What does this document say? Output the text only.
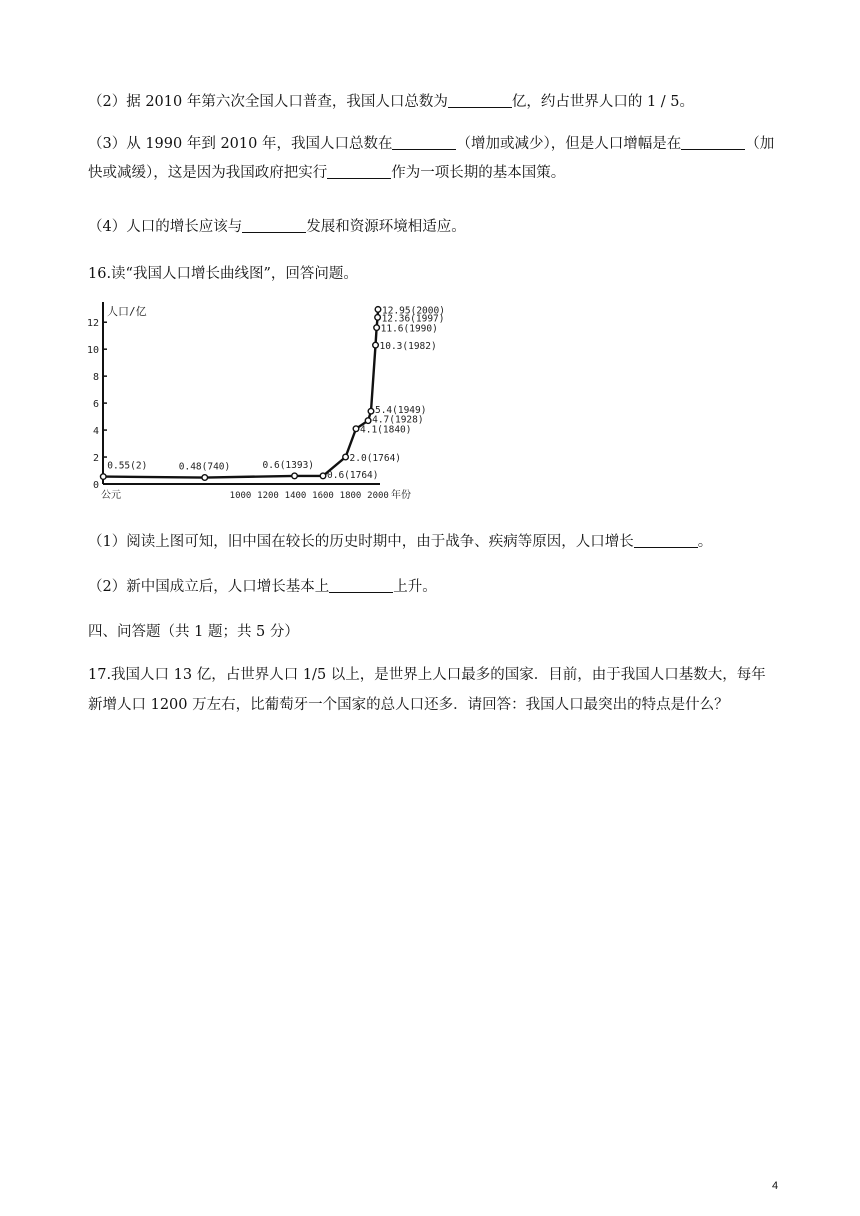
（2）据 2010 年第六次全国人口普查，我国人口总数为	亿，约占世界人口的 1 / 5。
（3）从 1990 年到 2010 年，我国人口总数在	（增加或减少），但是人口增幅是在	（加快或减缓），这是因为我国政府把实行	作为一项长期的基本国策。
（4）人口的增长应该与	发展和资源环境相适应。
16.读“我国人口增长曲线图”，回答问题。
0
2
4
6
8
10
12
人口/亿
1000 1200 1400 1600 1800 2000
公元	年份
0.55(2)	0.48(740)	0.6(1393)
0.6(1764)
2.0(1764)
4.1(1840)
4.7(1928)
5.4(1949)
10.3(1982)
11.6(1990)
12.36(1997)
12.95(2000)
（1）阅读上图可知，旧中国在较长的历史时期中，由于战争、疾病等原因，人口增长	。
（2）新中国成立后，人口增长基本上	上升。
四、问答题（共 1 题；共 5 分）
17.我国人口 13 亿，占世界人口 1/5 以上，是世界上人口最多的国家．目前，由于我国人口基数大，每年新增人口 1200 万左右，比葡萄牙一个国家的总人口还多．请回答：我国人口最突出的特点是什么？
4
